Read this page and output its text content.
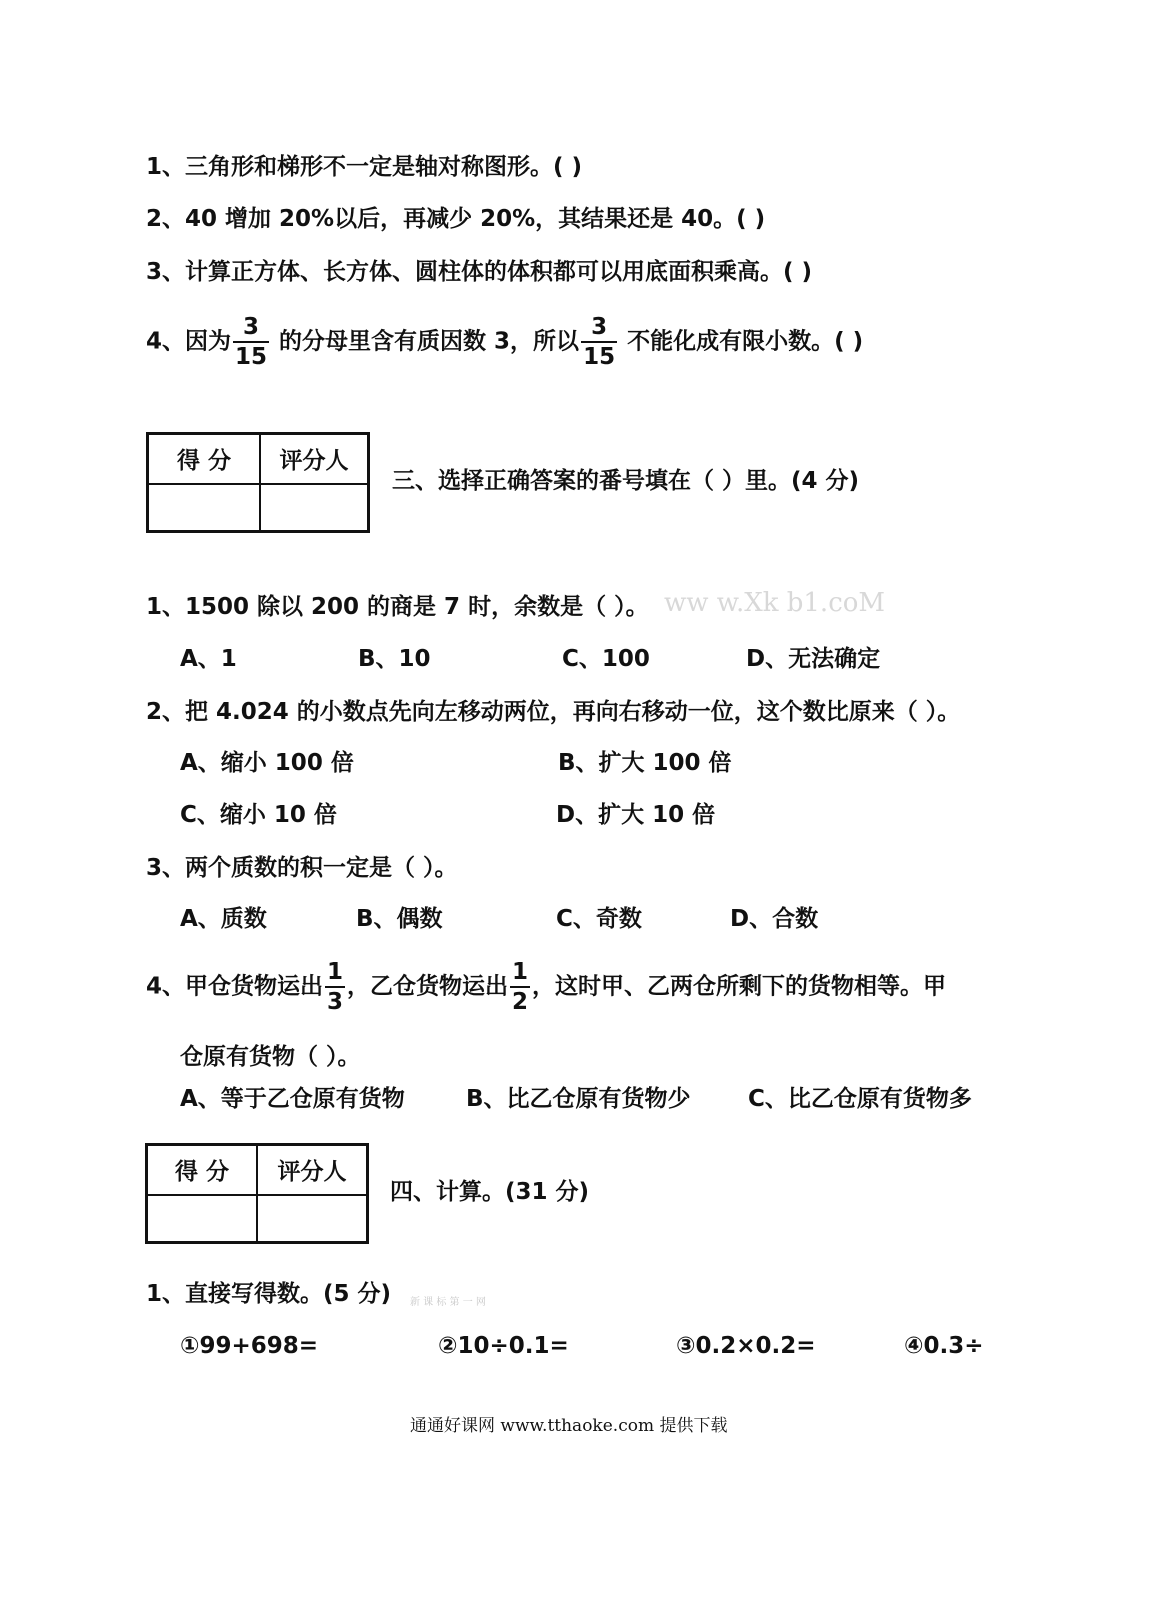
1、三角形和梯形不一定是轴对称图形。( )
2、40 增加 20%以后，再减少 20%，其结果还是 40。( )
3、计算正方体、长方体、圆柱体的体积都可以用底面积乘高。( )
4、因为 $\frac{3}{15}$ 的分母里含有质因数 3，所以 $\frac{3}{15}$ 不能化成有限小数。( )
得 分	评分人

三、选择正确答案的番号填在（ ）里。(4 分)
1、1500 除以 200 的商是 7 时，余数是（ ）。 ww w.Xk b1.coM
A、1	B、10	C、100	D、无法确定
2、把 4.024 的小数点先向左移动两位，再向右移动一位，这个数比原来（ ）。
A、缩小 100 倍	B、扩大 100 倍
C、缩小 10 倍	D、扩大 10 倍
3、两个质数的积一定是（ ）。
A、质数	B、偶数	C、奇数	D、合数
4、甲仓货物运出 $\frac{1}{3}$ ，乙仓货物运出 $\frac{1}{2}$ ，这时甲、乙两仓所剩下的货物相等。甲
仓原有货物（ ）。
A、等于乙仓原有货物	B、比乙仓原有货物少 C、比乙仓原有货物多
得 分	评分人

四、计算。(31 分)
1、直接写得数。(5 分) 新 课 标 第 一 网
①99+698=	②10÷0.1=	③0.2×0.2=	④0.3÷
通通好课网 www.tthaoke.com 提供下载
